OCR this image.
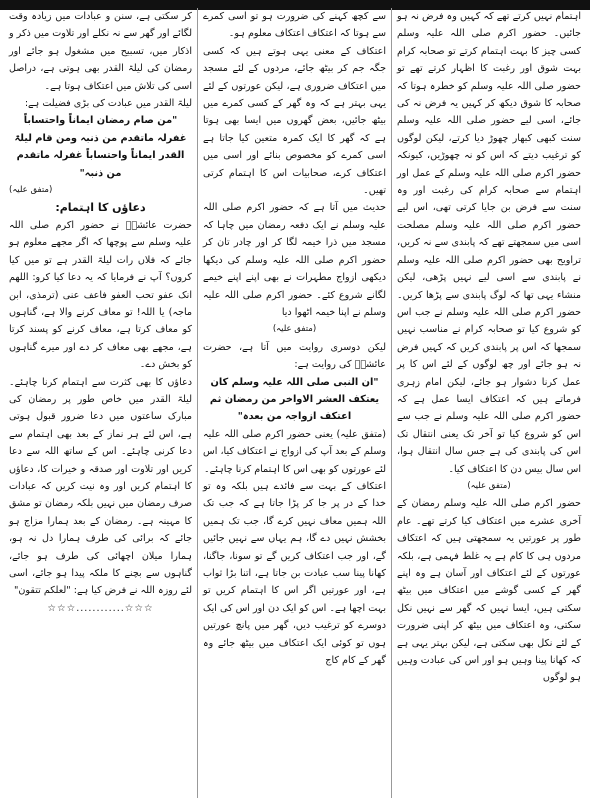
اہتمام نہیں کرتے تھے کہ کہیں وہ فرض نہ ہو جائیں۔ حضور اکرم صلی اللہ علیہ وسلم کسی چیز کا بہت اہتمام کرتے تو صحابہ کرام بہت شوق اور رغبت کا اظہار کرتے تھے تو حضور صلی اللہ علیہ وسلم کو خطرہ ہوتا کہ صحابہ کا شوق دیکھ کر کہیں یہ فرض نہ کی جائے، اسی لیے حضور صلی اللہ علیہ وسلم سنت کبھی کبھار چھوڑ دیا کرتے، لیکن لوگوں کو ترغیب دیتے کہ اس کو نہ چھوڑیں، کیونکہ حضور اکرم صلی اللہ علیہ وسلم کے عمل اور اہتمام سے صحابہ کرام کی رغبت اور وہ سنت سے فرض بن جایا کرتی تھی، اس لیے حضور اکرم صلی اللہ علیہ وسلم مصلحت اسی میں سمجھتے تھے کہ پابندی سے نہ کریں، تراویح بھی حضور اکرم صلی اللہ علیہ وسلم نے پابندی سے اسی لیے نہیں پڑھی، لیکن منشاء یہی تھا کہ لوگ پابندی سے پڑھا کریں۔ حضور اکرم صلی اللہ علیہ وسلم نے جب اس کو شروع کیا تو صحابہ کرام نے مناسب نہیں سمجھا کہ اس پر پابندی کریں کہ کہیں فرض نہ ہو جائے اور چھ لوگوں کے لئے اس کا پر عمل کرنا دشوار ہو جائے، لیکن امام زہری فرماتے ہیں کہ اعتکاف ایسا عمل ہے کہ حضور اکرم صلی اللہ علیہ وسلم نے جب سے اس کو شروع کیا تو آخر تک یعنی انتقال تک اس کی پابندی کی ہے جس سال انتقال ہوا، اس سال بیس دن کا اعتکاف کیا۔

(متفق علیہ)

حضور اکرم صلی اللہ علیہ وسلم رمضان کے آخری عشرے میں اعتکاف کیا کرتے تھے۔ عام طور پر عورتیں یہ سمجھتی ہیں کہ اعتکاف مردوں ہی کا کام ہے یہ غلط فہمی ہے، بلکہ عورتوں کے لئے اعتکاف اور آسان ہے وہ اپنے گھر کے کسی گوشے میں اعتکاف میں بیٹھ سکتی ہیں، ایسا نہیں کہ گھر سے نہیں نکل سکتی، وہ اعتکاف میں بیٹھ کر اپنی ضرورت کے لئے نکل بھی سکتی ہے، لیکن بہتر یہی ہے کہ کھانا پینا وہیں ہو اور اس کی عبادت وہیں ہو لوگوں

سے کچھ کہنے کی ضرورت ہو تو اسی کمرے سے ہوتا کہ اعتکاف اعتکاف معلوم ہو۔

اعتکاف کے معنی یہی ہوتے ہیں کہ کسی جگہ جم کر بیٹھ جائے، مردوں کے لئے مسجد میں اعتکاف ضروری ہے، لیکن عورتوں کے لئے یہی بہتر ہے کہ وہ گھر کے کسی کمرے میں بیٹھ جائیں، بعض گھروں میں ایسا بھی ہوتا ہے کہ گھر کا ایک کمرہ متعین کیا جاتا ہے اسی کمرے کو مخصوص بنائے اور اسی میں اعتکاف کرے، صحابیات اس کا اہتمام کرتی تھیں۔

حدیث میں آتا ہے کہ حضور اکرم صلی اللہ علیہ وسلم نے ایک دفعہ رمضان میں چاہا کہ مسجد میں ذرا خیمہ لگا کر اور چادر تان کر حضور اکرم صلی اللہ علیہ وسلم کی دیکھا دیکھی ازواج مطہرات نے بھی اپنے اپنے خیمے لگانے شروع کئے۔ حضور اکرم صلی اللہ علیہ وسلم نے اپنا خیمہ اٹھوا دیا

(متفق علیہ)

لیکن دوسری روایت میں آتا ہے، حضرت عائشہؓ کی روایت ہے:

"ان النبی صلی اللہ علیہ وسلم کان یعتکف العشر الاواخر من رمضان ثم اعتکف ازواجہ من بعدہ"

(متفق علیہ) یعنی حضور اکرم صلی اللہ علیہ وسلم کے بعد آپ کی ازواج نے اعتکاف کیا، اس لئے عورتوں کو بھی اس کا اہتمام کرنا چاہئے۔

اعتکاف کے بہت سے فائدے ہیں بلکہ وہ تو خدا کے در پر جا کر پڑا جاتا ہے کہ جب تک اللہ ہمیں معاف نہیں کرے گا، جب تک ہمیں بخشش نہیں دے گا، ہم یہاں سے نہیں جائیں گے، اور جب اعتکاف کریں گے تو سونا، جاگنا، کھانا پینا سب عبادت بن جاتا ہے، اتنا بڑا ثواب ہے، اور عورتیں اگر اس کا اہتمام کریں تو بہت اچھا ہے۔ اس کو ایک دن اور اس کی ایک دوسرے کو ترغیب دیں، گھر میں پانچ عورتیں ہوں تو کوئی ایک اعتکاف میں بیٹھ جائے وہ گھر کے کام کاج

کر سکتی ہے، سنن و عبادات میں زیادہ وقت لگائے اور گھر سے نہ نکلے اور تلاوت میں ذکر و اذکار میں، تسبیح میں مشغول ہو جائے اور رمضان کی لیلۃ القدر بھی ہوتی ہے، دراصل اسی کی تلاش میں اعتکاف ہوتا ہے۔

لیلۃ القدر میں عبادت کی بڑی فضیلت ہے:

"من صام رمضان ایماناً واحتساباً غفرلہ ماتقدم من ذنبہ ومن قام لیلۃ القدر ایماناً واحتساباً غفرلہ ماتقدم من ذنبہ"

(متفق علیہ)

دعاؤں کا اہتمام:

حضرت عائشہؓ نے حضور اکرم صلی اللہ علیہ وسلم سے پوچھا کہ اگر مجھے معلوم ہو جائے کہ فلاں رات لیلۃ القدر ہے تو میں کیا کروں؟ آپ نے فرمایا کہ یہ دعا کیا کرو: اللھم انک عفو تحب العفو فاعف عنی (ترمذی، ابن ماجہ) یا اللہ! تو معاف کرنے والا ہے، گناہوں کو معاف کرتا ہے، معاف کرنے کو پسند کرتا ہے، مجھے بھی معاف کر دے اور میرے گناہوں کو بخش دے۔

دعاؤں کا بھی کثرت سے اہتمام کرنا چاہئے۔ لیلۃ القدر میں خاص طور پر رمضان کی مبارک ساعتوں میں دعا ضرور قبول ہوتی ہے، اس لئے ہر نماز کے بعد بھی اہتمام سے دعا کرنی چاہئے۔ اس کے ساتھ اللہ سے دعا کریں اور تلاوت اور صدقہ و خیرات کا، دعاؤں کا اہتمام کریں اور وہ نیت کریں کہ عبادات صرف رمضان میں نہیں بلکہ رمضان تو مشق کا مہینہ ہے۔ رمضان کے بعد ہمارا مزاج ہو جائے کہ برائی کی طرف ہمارا دل نہ ہو، ہمارا میلان اچھائی کی طرف ہو جائے، گناہوں سے بچنے کا ملکہ پیدا ہو جائے، اسی لئے روزہ اللہ نے فرض کیا ہے: "لعلکم تتقون"

☆☆☆............☆☆☆
